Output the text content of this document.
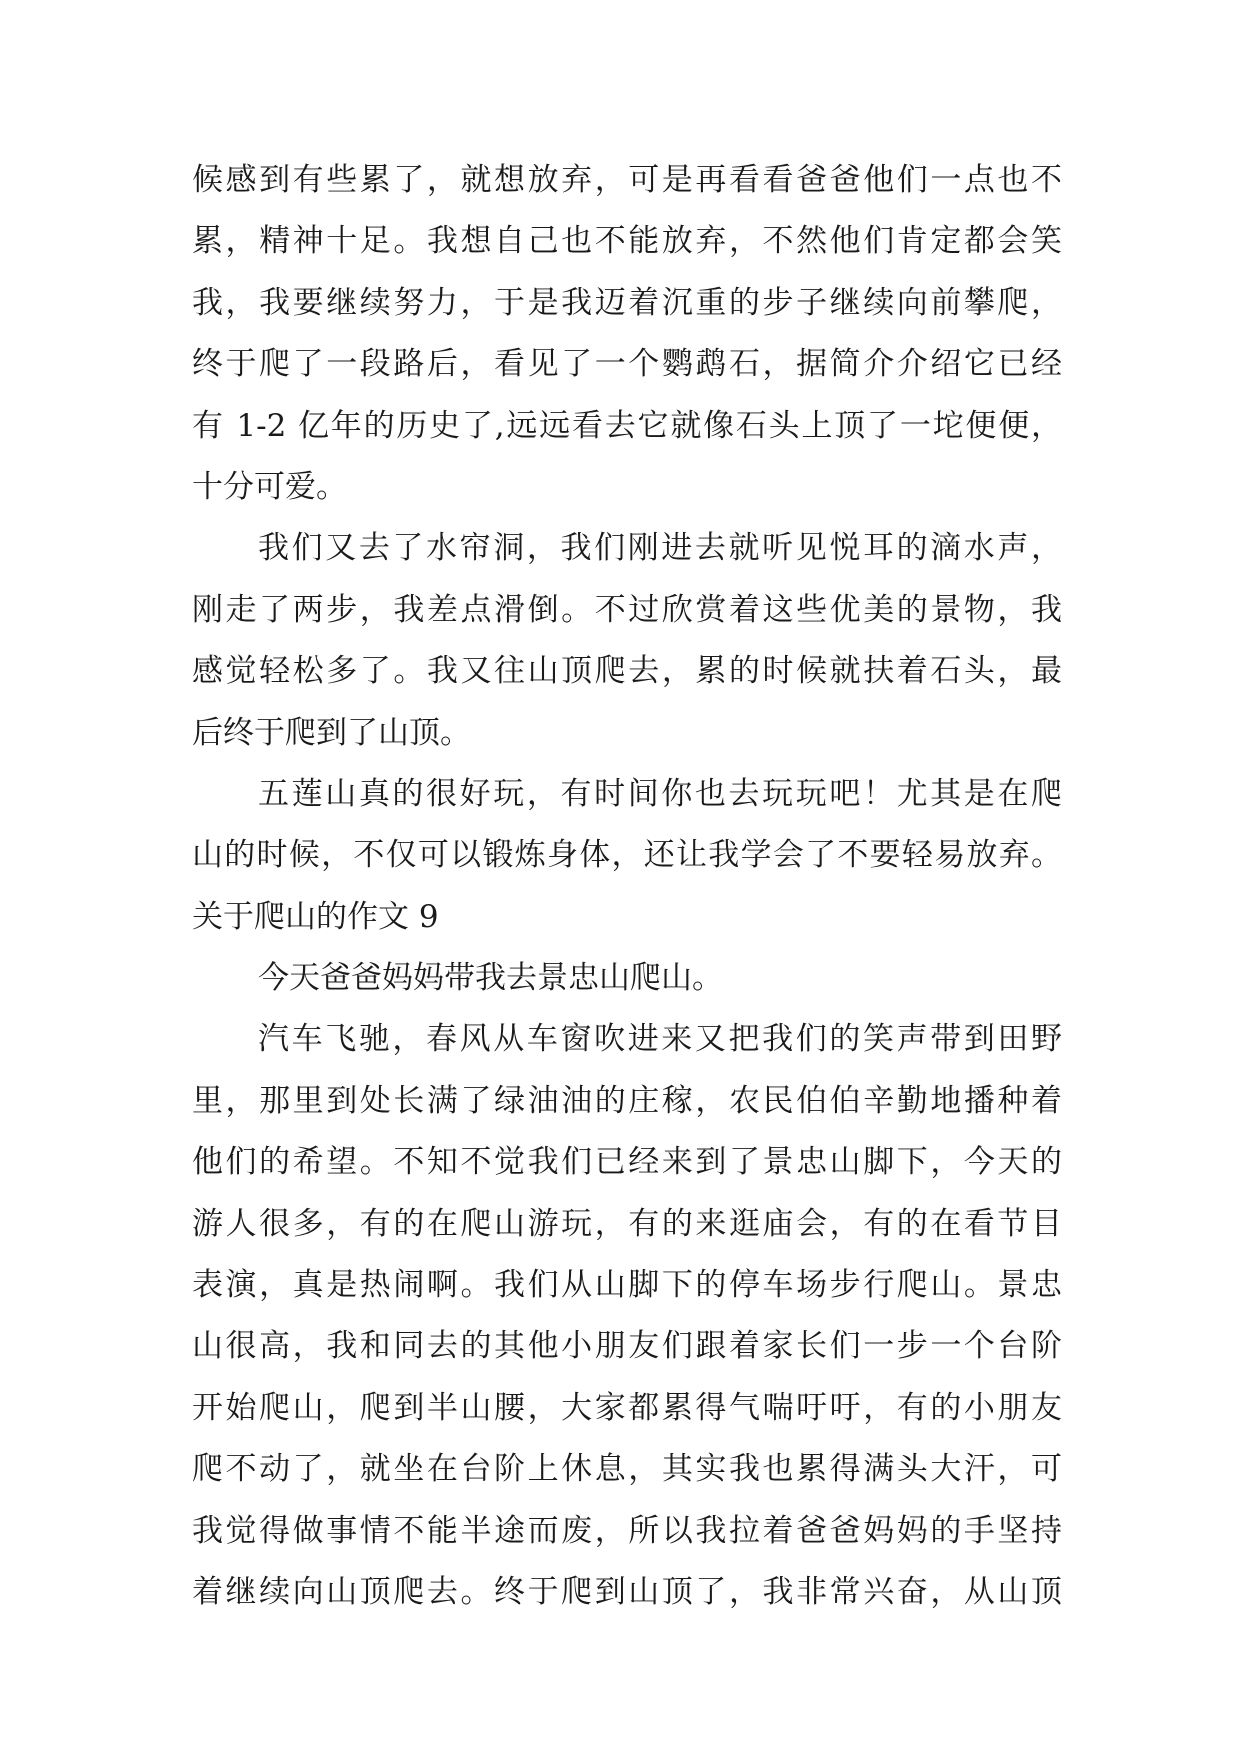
候感到有些累了，就想放弃，可是再看看爸爸他们一点也不
累，精神十足。我想自己也不能放弃，不然他们肯定都会笑
我，我要继续努力，于是我迈着沉重的步子继续向前攀爬，
终于爬了一段路后，看见了一个鹦鹉石，据简介介绍它已经
有 1-2 亿年的历史了,远远看去它就像石头上顶了一坨便便，
十分可爱。
我们又去了水帘洞，我们刚进去就听见悦耳的滴水声，
刚走了两步，我差点滑倒。不过欣赏着这些优美的景物，我
感觉轻松多了。我又往山顶爬去，累的时候就扶着石头，最
后终于爬到了山顶。
五莲山真的很好玩，有时间你也去玩玩吧！尤其是在爬
山的时候，不仅可以锻炼身体，还让我学会了不要轻易放弃。
关于爬山的作文 9
今天爸爸妈妈带我去景忠山爬山。
汽车飞驰，春风从车窗吹进来又把我们的笑声带到田野
里，那里到处长满了绿油油的庄稼，农民伯伯辛勤地播种着
他们的希望。不知不觉我们已经来到了景忠山脚下，今天的
游人很多，有的在爬山游玩，有的来逛庙会，有的在看节目
表演，真是热闹啊。我们从山脚下的停车场步行爬山。景忠
山很高，我和同去的其他小朋友们跟着家长们一步一个台阶
开始爬山，爬到半山腰，大家都累得气喘吁吁，有的小朋友
爬不动了，就坐在台阶上休息，其实我也累得满头大汗，可
我觉得做事情不能半途而废，所以我拉着爸爸妈妈的手坚持
着继续向山顶爬去。终于爬到山顶了，我非常兴奋，从山顶
